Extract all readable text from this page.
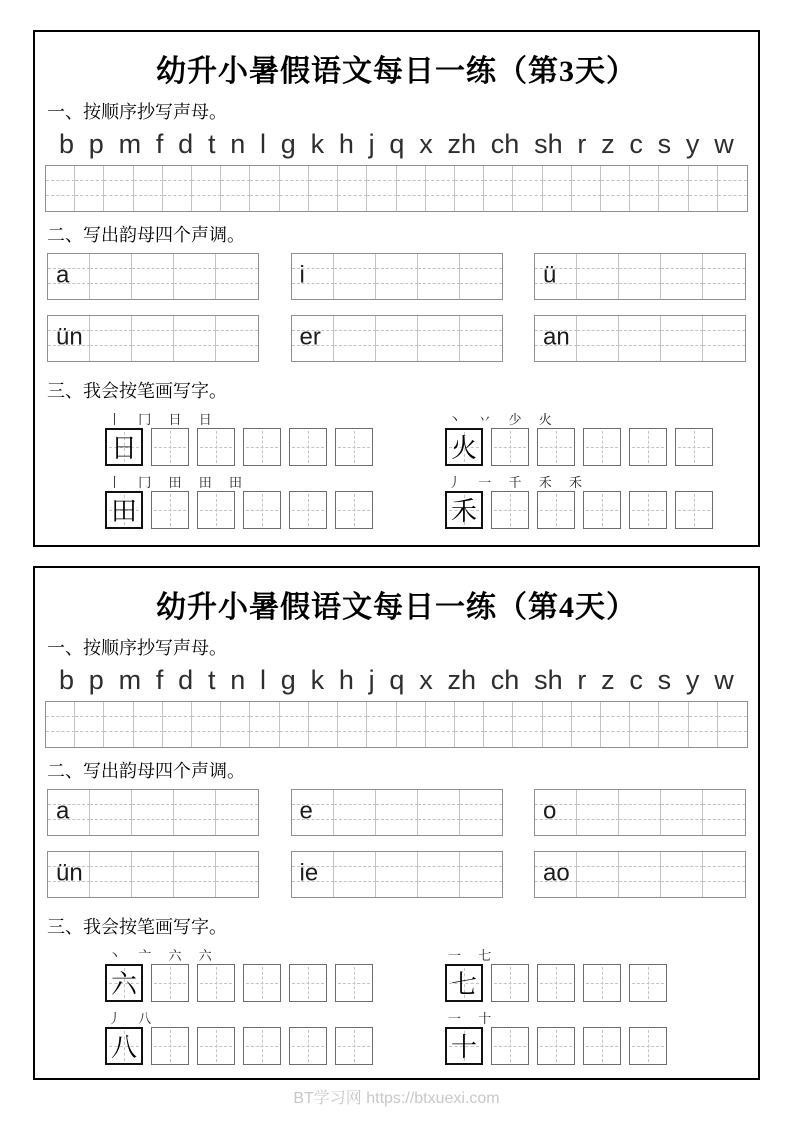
幼升小暑假语文每日一练（第3天）
一、按顺序抄写声母。
b p m f d t n l g k h j q x zh ch sh r z c s y w
二、写出韵母四个声调。
a	i	ü
ün	er	an
三、我会按笔画写字。
丨 冂 日 日
日
丶 丷 少 火
火
丨 冂 田 田 田
田
丿 一 千 禾 禾
禾
幼升小暑假语文每日一练（第4天）
一、按顺序抄写声母。
b p m f d t n l g k h j q x zh ch sh r z c s y w
二、写出韵母四个声调。
a	e	o
ün	ie	ao
三、我会按笔画写字。
丶 亠 六 六
六
一 七
七
丿 八
八
一 十
十
BT学习网 https://btxuexi.com
